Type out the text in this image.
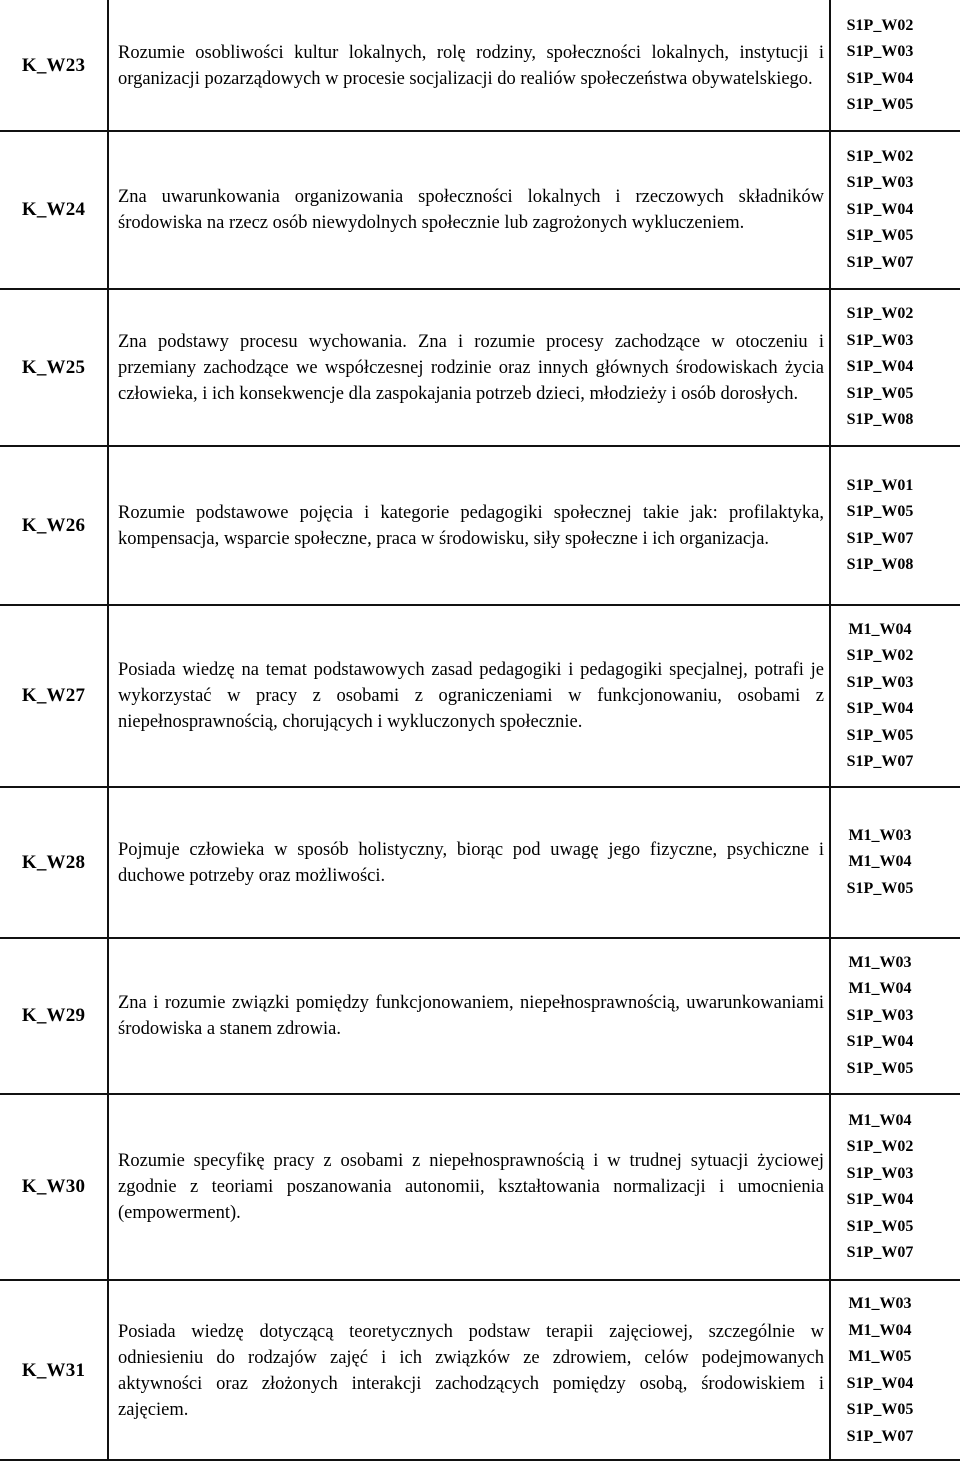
K_W23
Rozumie osobliwości kultur lokalnych, rolę rodziny, społeczności lokalnych, instytucji i organizacji pozarządowych w procesie socjalizacji do realiów społeczeństwa obywatelskiego.
S1P_W02
S1P_W03
S1P_W04
S1P_W05
K_W24
Zna uwarunkowania organizowania społeczności lokalnych i rzeczowych składników środowiska na rzecz osób niewydolnych społecznie lub zagrożonych wykluczeniem.
S1P_W02
S1P_W03
S1P_W04
S1P_W05
S1P_W07
K_W25
Zna podstawy procesu wychowania. Zna i rozumie procesy zachodzące w otoczeniu i przemiany zachodzące we współczesnej rodzinie oraz innych głównych środowiskach życia człowieka, i ich konsekwencje dla zaspokajania potrzeb dzieci, młodzieży i osób dorosłych.
S1P_W02
S1P_W03
S1P_W04
S1P_W05
S1P_W08
K_W26
Rozumie podstawowe pojęcia i kategorie pedagogiki społecznej takie jak: profilaktyka, kompensacja, wsparcie społeczne, praca w środowisku, siły społeczne i ich organizacja.
S1P_W01
S1P_W05
S1P_W07
S1P_W08
K_W27
Posiada wiedzę na temat podstawowych zasad pedagogiki i pedagogiki specjalnej, potrafi je wykorzystać w pracy z osobami z ograniczeniami w funkcjonowaniu, osobami z niepełnosprawnością, chorujących i wykluczonych społecznie.
M1_W04
S1P_W02
S1P_W03
S1P_W04
S1P_W05
S1P_W07
K_W28
Pojmuje człowieka w sposób holistyczny, biorąc pod uwagę jego fizyczne, psychiczne i duchowe potrzeby oraz możliwości.
M1_W03
M1_W04
S1P_W05
K_W29
Zna i rozumie związki pomiędzy funkcjonowaniem, niepełnosprawnością, uwarunkowaniami środowiska a stanem zdrowia.
M1_W03
M1_W04
S1P_W03
S1P_W04
S1P_W05
K_W30
Rozumie specyfikę pracy z osobami z niepełnosprawnością i w trudnej sytuacji życiowej zgodnie z teoriami poszanowania autonomii, kształtowania normalizacji i umocnienia (empowerment).
M1_W04
S1P_W02
S1P_W03
S1P_W04
S1P_W05
S1P_W07
K_W31
Posiada wiedzę dotyczącą teoretycznych podstaw terapii zajęciowej, szczególnie w odniesieniu do rodzajów zajęć i ich związków ze zdrowiem, celów podejmowanych aktywności oraz złożonych interakcji zachodzących pomiędzy osobą, środowiskiem i zajęciem.
M1_W03
M1_W04
M1_W05
S1P_W04
S1P_W05
S1P_W07
